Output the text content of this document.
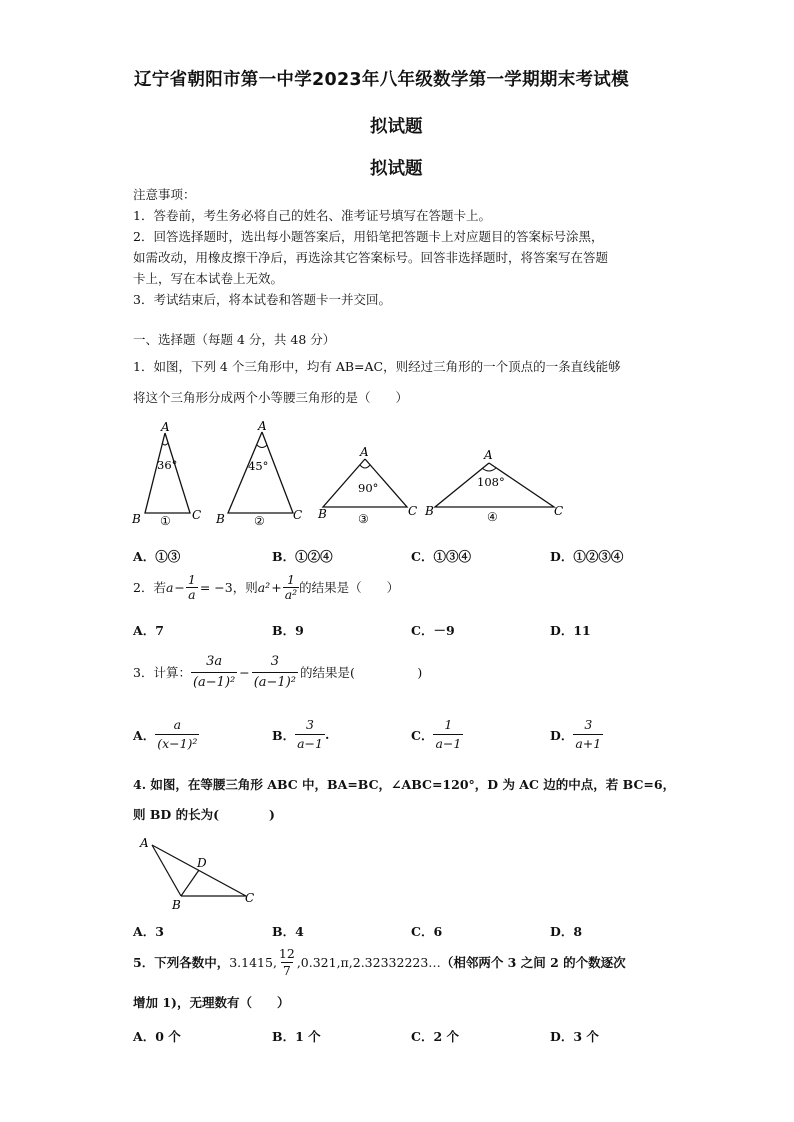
辽宁省朝阳市第一中学2023年八年级数学第一学期期末考试模
拟试题
拟试题
注意事项：
1．答卷前，考生务必将自己的姓名、准考证号填写在答题卡上。
2．回答选择题时，选出每小题答案后，用铅笔把答题卡上对应题目的答案标号涂黑，
如需改动，用橡皮擦干净后，再选涂其它答案标号。回答非选择题时，将答案写在答题
卡上，写在本试卷上无效。
3．考试结束后，将本试卷和答题卡一并交回。
一、选择题（每题 4 分，共 48 分）
1．如图，下列 4 个三角形中，均有 AB=AC，则经过三角形的一个顶点的一条直线能够
将这个三角形分成两个小等腰三角形的是（　　）
A
B	C
36°
①
A
B	C
45°
②
A
B	C
90°
③
A
B	C
108°
④
A．①③	B．①②④	C．①③④	D．①②③④
2．若 $a - \frac{1}{a} = -3$ ，则 $a^2 + \frac{1}{\text{a²}}$ 的结果是（　　）
A．7	B．9	C．－9	D．11
3．计算： $\frac{3a}{\text{(a−1)²}} - \frac{3}{\text{(a−1)²}}$ 的结果是(　　　　　)
A． $\frac{a}{\text{(x−1)²}}$	B． $\frac{3}{a-1}$ .	C． $\frac{1}{a-1}$	D． $\frac{3}{a+1}$
4. 如图，在等腰三角形 ABC 中，BA=BC，∠ABC=120°，D 为 AC 边的中点，若 BC=6，
则 BD 的长为(　　　　)
A
B	C
D
A．3	B．4	C．6	D．8
5．下列各数中， 3.1415, $\frac{12}{7}$ ,0.321,π,2.32332223… （相邻两个 3 之间 2 的个数逐次
增加 1)，无理数有（　　）
A．0 个	B．1 个	C．2 个	D．3 个
